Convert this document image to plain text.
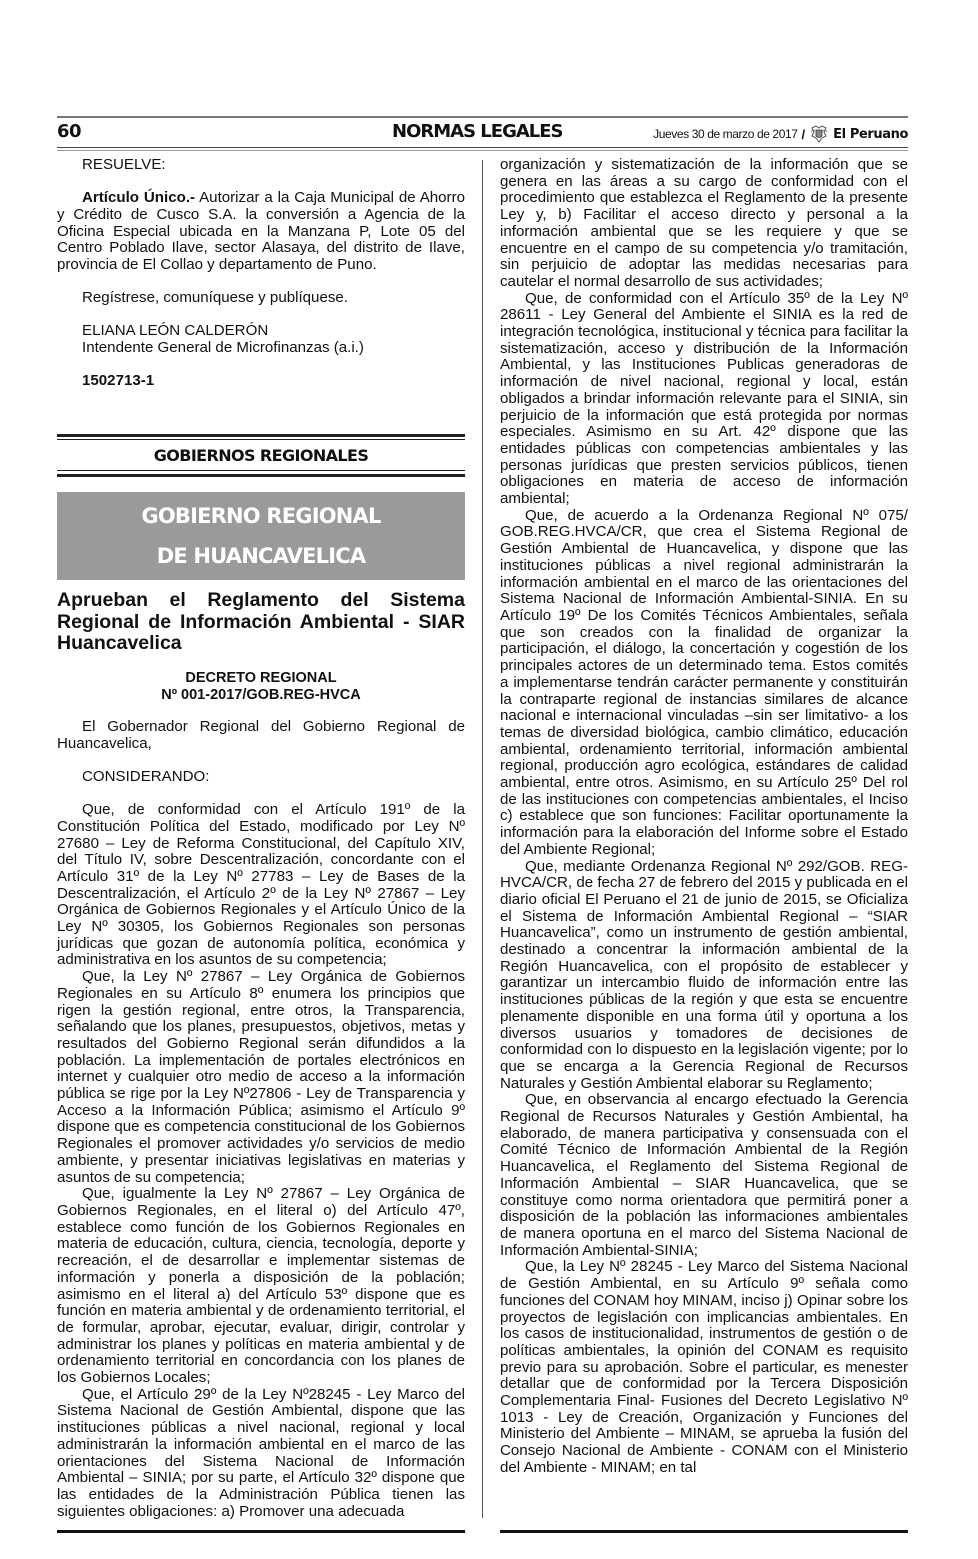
60	NORMAS LEGALES	Jueves 30 de marzo de 2017 / El Peruano

RESUELVE:

Artículo Único.- Autorizar a la Caja Municipal de Ahorro y Crédito de Cusco S.A. la conversión a Agencia de la Oficina Especial ubicada en la Manzana P, Lote 05 del Centro Poblado Ilave, sector Alasaya, del distrito de Ilave, provincia de El Collao y departamento de Puno.

Regístrese, comuníquese y publíquese.

ELIANA LEÓN CALDERÓN

Intendente General de Microfinanzas (a.i.)

1502713-1

GOBIERNOS REGIONALES
GOBIERNO REGIONAL
DE HUANCAVELICA
Aprueban el Reglamento del Sistema Regional de Información Ambiental - SIAR Huancavelica
DECRETO REGIONAL
Nº 001-2017/GOB.REG-HVCA

El Gobernador Regional del Gobierno Regional de Huancavelica,

CONSIDERANDO:

Que, de conformidad con el Artículo 191º de la Constitución Política del Estado, modificado por Ley Nº 27680 – Ley de Reforma Constitucional, del Capítulo XIV, del Título IV, sobre Descentralización, concordante con el Artículo 31º de la Ley Nº 27783 – Ley de Bases de la Descentralización, el Artículo 2º de la Ley Nº 27867 – Ley Orgánica de Gobiernos Regionales y el Artículo Único de la Ley Nº 30305, los Gobiernos Regionales son personas jurídicas que gozan de autonomía política, económica y administrativa en los asuntos de su competencia;

Que, la Ley Nº 27867 – Ley Orgánica de Gobiernos Regionales en su Artículo 8º enumera los principios que rigen la gestión regional, entre otros, la Transparencia, señalando que los planes, presupuestos, objetivos, metas y resultados del Gobierno Regional serán difundidos a la población. La implementación de portales electrónicos en internet y cualquier otro medio de acceso a la información pública se rige por la Ley Nº27806 - Ley de Transparencia y Acceso a la Información Pública; asimismo el Artículo 9º dispone que es competencia constitucional de los Gobiernos Regionales el promover actividades y/o servicios de medio ambiente, y presentar iniciativas legislativas en materias y asuntos de su competencia;

Que, igualmente la Ley Nº 27867 – Ley Orgánica de Gobiernos Regionales, en el literal o) del Artículo 47º, establece como función de los Gobiernos Regionales en materia de educación, cultura, ciencia, tecnología, deporte y recreación, el de desarrollar e implementar sistemas de información y ponerla a disposición de la población; asimismo en el literal a) del Artículo 53º dispone que es función en materia ambiental y de ordenamiento territorial, el de formular, aprobar, ejecutar, evaluar, dirigir, controlar y administrar los planes y políticas en materia ambiental y de ordenamiento territorial en concordancia con los planes de los Gobiernos Locales;

Que, el Artículo 29º de la Ley Nº28245 - Ley Marco del Sistema Nacional de Gestión Ambiental, dispone que las instituciones públicas a nivel nacional, regional y local administrarán la información ambiental en el marco de las orientaciones del Sistema Nacional de Información Ambiental – SINIA; por su parte, el Artículo 32º dispone que las entidades de la Administración Pública tienen las siguientes obligaciones: a) Promover una adecuada

organización y sistematización de la información que se genera en las áreas a su cargo de conformidad con el procedimiento que establezca el Reglamento de la presente Ley y, b) Facilitar el acceso directo y personal a la información ambiental que se les requiere y que se encuentre en el campo de su competencia y/o tramitación, sin perjuicio de adoptar las medidas necesarias para cautelar el normal desarrollo de sus actividades;

Que, de conformidad con el Artículo 35º de la Ley Nº 28611 - Ley General del Ambiente el SINIA es la red de integración tecnológica, institucional y técnica para facilitar la sistematización, acceso y distribución de la Información Ambiental, y las Instituciones Publicas generadoras de información de nivel nacional, regional y local, están obligados a brindar información relevante para el SINIA, sin perjuicio de la información que está protegida por normas especiales. Asimismo en su Art. 42º dispone que las entidades públicas con competencias ambientales y las personas jurídicas que presten servicios públicos, tienen obligaciones en materia de acceso de información ambiental;

Que, de acuerdo a la Ordenanza Regional Nº 075/ GOB.REG.HVCA/CR, que crea el Sistema Regional de Gestión Ambiental de Huancavelica, y dispone que las instituciones públicas a nivel regional administrarán la información ambiental en el marco de las orientaciones del Sistema Nacional de Información Ambiental-SINIA. En su Artículo 19º De los Comités Técnicos Ambientales, señala que son creados con la finalidad de organizar la participación, el diálogo, la concertación y cogestión de los principales actores de un determinado tema. Estos comités a implementarse tendrán carácter permanente y constituirán la contraparte regional de instancias similares de alcance nacional e internacional vinculadas –sin ser limitativo- a los temas de diversidad biológica, cambio climático, educación ambiental, ordenamiento territorial, información ambiental regional, producción agro ecológica, estándares de calidad ambiental, entre otros. Asimismo, en su Artículo 25º Del rol de las instituciones con competencias ambientales, el Inciso c) establece que son funciones: Facilitar oportunamente la información para la elaboración del Informe sobre el Estado del Ambiente Regional;

Que, mediante Ordenanza Regional Nº 292/GOB. REG-HVCA/CR, de fecha 27 de febrero del 2015 y publicada en el diario oficial El Peruano el 21 de junio de 2015, se Oficializa el Sistema de Información Ambiental Regional – “SIAR Huancavelica”, como un instrumento de gestión ambiental, destinado a concentrar la información ambiental de la Región Huancavelica, con el propósito de establecer y garantizar un intercambio fluido de información entre las instituciones públicas de la región y que esta se encuentre plenamente disponible en una forma útil y oportuna a los diversos usuarios y tomadores de decisiones de conformidad con lo dispuesto en la legislación vigente; por lo que se encarga a la Gerencia Regional de Recursos Naturales y Gestión Ambiental elaborar su Reglamento;

Que, en observancia al encargo efectuado la Gerencia Regional de Recursos Naturales y Gestión Ambiental, ha elaborado, de manera participativa y consensuada con el Comité Técnico de Información Ambiental de la Región Huancavelica, el Reglamento del Sistema Regional de Información Ambiental – SIAR Huancavelica, que se constituye como norma orientadora que permitirá poner a disposición de la población las informaciones ambientales de manera oportuna en el marco del Sistema Nacional de Información Ambiental-SINIA;

Que, la Ley Nº 28245 - Ley Marco del Sistema Nacional de Gestión Ambiental, en su Artículo 9º señala como funciones del CONAM hoy MINAM, inciso j) Opinar sobre los proyectos de legislación con implicancias ambientales. En los casos de institucionalidad, instrumentos de gestión o de políticas ambientales, la opinión del CONAM es requisito previo para su aprobación. Sobre el particular, es menester detallar que de conformidad por la Tercera Disposición Complementaria Final- Fusiones del Decreto Legislativo Nº 1013 - Ley de Creación, Organización y Funciones del Ministerio del Ambiente – MINAM, se aprueba la fusión del Consejo Nacional de Ambiente - CONAM con el Ministerio del Ambiente - MINAM; en tal
